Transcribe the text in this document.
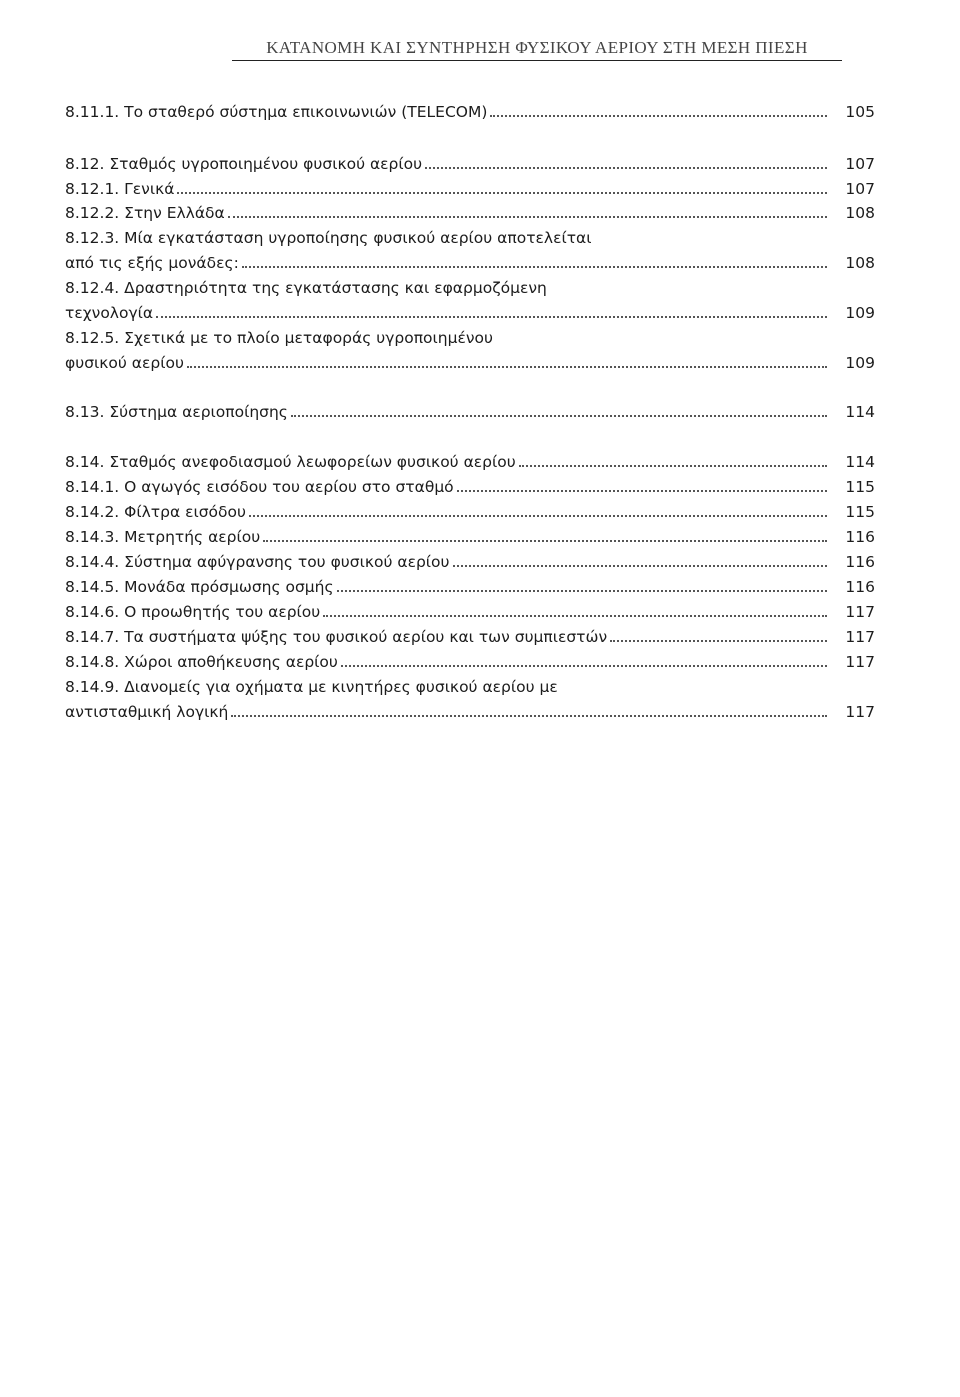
ΚΑΤΑΝΟΜΗ ΚΑΙ ΣΥΝΤΗΡΗΣΗ ΦΥΣΙΚΟΥ ΑΕΡΙΟΥ ΣΤΗ ΜΕΣΗ ΠΙΕΣΗ
8.11.1. Το σταθερό σύστημα επικοινωνιών (TELECOM)	105
8.12. Σταθμός υγροποιημένου φυσικού αερίου	107
8.12.1. Γενικά	107
8.12.2. Στην Ελλάδα	108
8.12.3. Μία εγκατάσταση υγροποίησης φυσικού αερίου αποτελείται
από τις εξής μονάδες:	108
8.12.4. Δραστηριότητα της εγκατάστασης και εφαρμοζόμενη
τεχνολογία	109
8.12.5. Σχετικά με το πλοίο μεταφοράς υγροποιημένου
φυσικού αερίου	109
8.13. Σύστημα αεριοποίησης	114
8.14. Σταθμός ανεφοδιασμού λεωφορείων φυσικού αερίου	114
8.14.1. Ο αγωγός εισόδου του αερίου στο σταθμό	115
8.14.2. Φίλτρα εισόδου	115
8.14.3. Μετρητής αερίου	116
8.14.4. Σύστημα αφύγρανσης του φυσικού αερίου	116
8.14.5. Μονάδα πρόσμωσης οσμής	116
8.14.6. Ο προωθητής του αερίου	117
8.14.7. Τα συστήματα ψύξης του φυσικού αερίου και των συμπιεστών	117
8.14.8. Χώροι αποθήκευσης αερίου	117
8.14.9. Διανομείς για οχήματα με κινητήρες φυσικού αερίου με
αντισταθμική λογική	117
